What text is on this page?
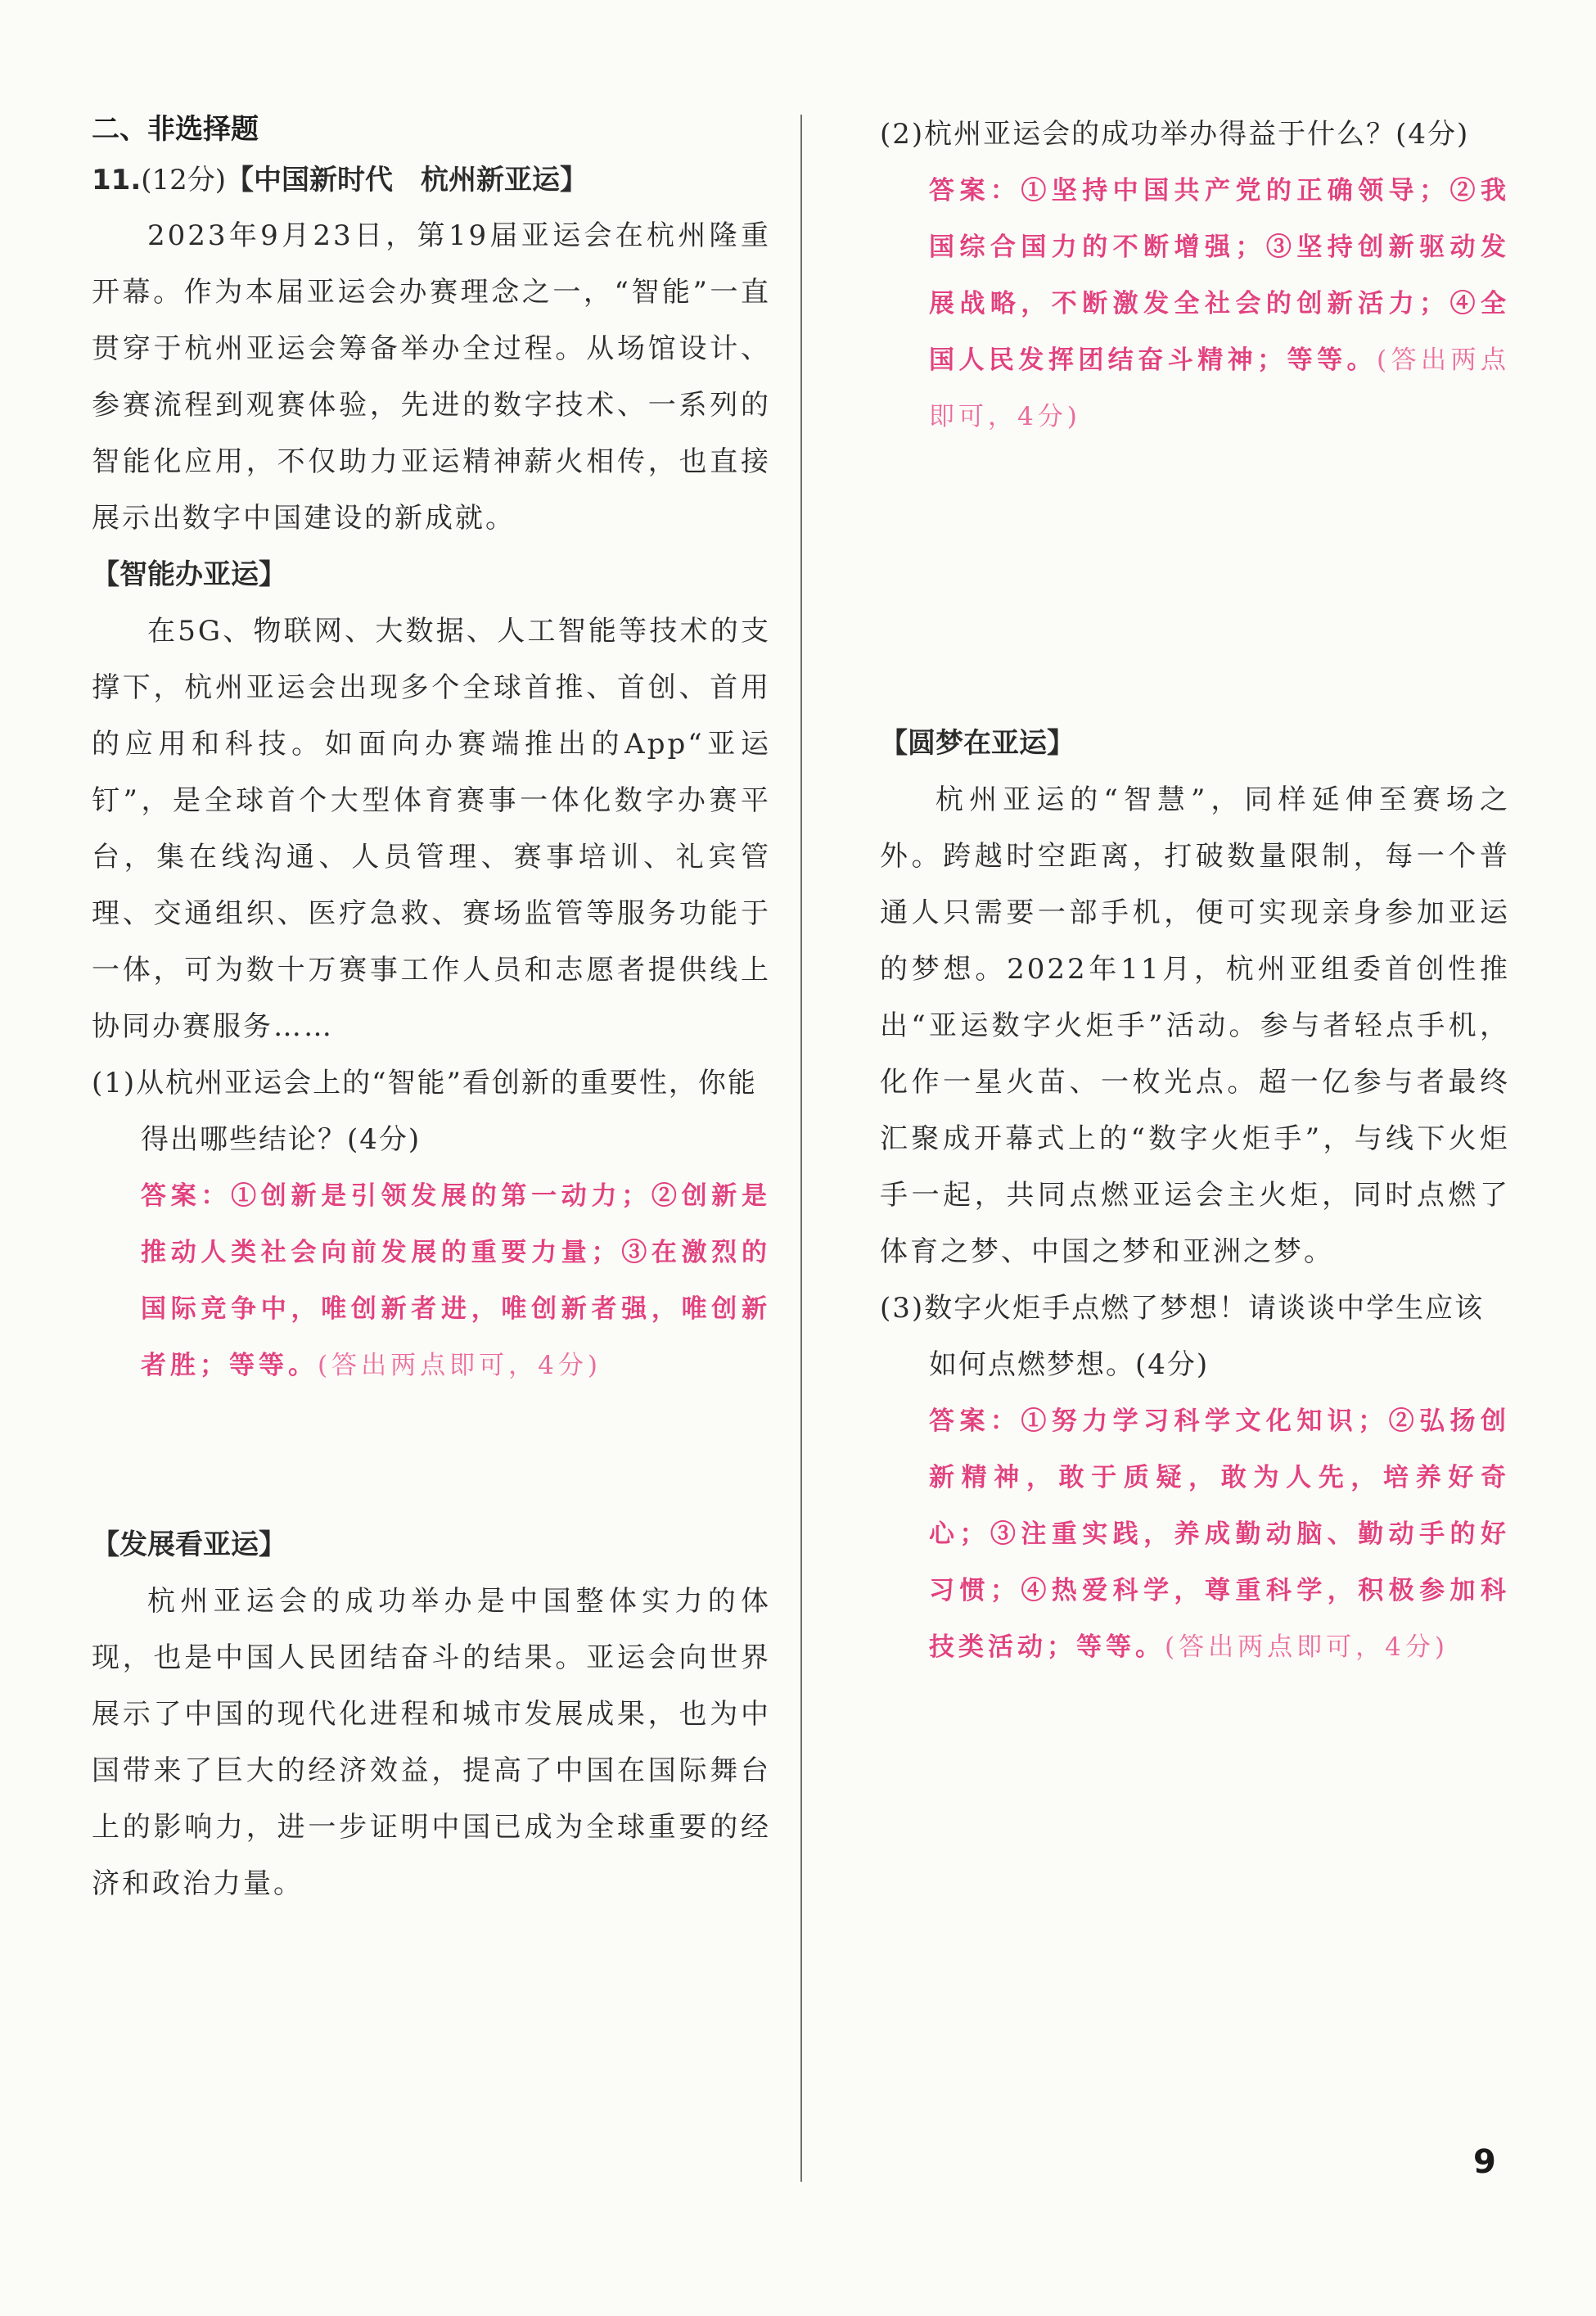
二、非选择题

11.(12分)【中国新时代　杭州新亚运】

2023年9月23日，第19届亚运会在杭州隆重开幕。作为本届亚运会办赛理念之一，“智能”一直贯穿于杭州亚运会筹备举办全过程。从场馆设计、参赛流程到观赛体验，先进的数字技术、一系列的智能化应用，不仅助力亚运精神薪火相传，也直接展示出数字中国建设的新成就。

【智能办亚运】

在5G、物联网、大数据、人工智能等技术的支撑下，杭州亚运会出现多个全球首推、首创、首用的应用和科技。如面向办赛端推出的App“亚运钉”，是全球首个大型体育赛事一体化数字办赛平台，集在线沟通、人员管理、赛事培训、礼宾管理、交通组织、医疗急救、赛场监管等服务功能于一体，可为数十万赛事工作人员和志愿者提供线上协同办赛服务……

(1)从杭州亚运会上的“智能”看创新的重要性，你能得出哪些结论？(4分)

答案：①创新是引领发展的第一动力；②创新是推动人类社会向前发展的重要力量；③在激烈的国际竞争中，唯创新者进，唯创新者强，唯创新者胜；等等。(答出两点即可，4分)

【发展看亚运】

杭州亚运会的成功举办是中国整体实力的体现，也是中国人民团结奋斗的结果。亚运会向世界展示了中国的现代化进程和城市发展成果，也为中国带来了巨大的经济效益，提高了中国在国际舞台上的影响力，进一步证明中国已成为全球重要的经济和政治力量。

(2)杭州亚运会的成功举办得益于什么？(4分)

答案：①坚持中国共产党的正确领导；②我国综合国力的不断增强；③坚持创新驱动发展战略，不断激发全社会的创新活力；④全国人民发挥团结奋斗精神；等等。(答出两点即可，4分)

【圆梦在亚运】

杭州亚运的“智慧”，同样延伸至赛场之外。跨越时空距离，打破数量限制，每一个普通人只需要一部手机，便可实现亲身参加亚运的梦想。2022年11月，杭州亚组委首创性推出“亚运数字火炬手”活动。参与者轻点手机，化作一星火苗、一枚光点。超一亿参与者最终汇聚成开幕式上的“数字火炬手”，与线下火炬手一起，共同点燃亚运会主火炬，同时点燃了体育之梦、中国之梦和亚洲之梦。

(3)数字火炬手点燃了梦想！请谈谈中学生应该如何点燃梦想。(4分)

答案：①努力学习科学文化知识；②弘扬创新精神，敢于质疑，敢为人先，培养好奇心；③注重实践，养成勤动脑、勤动手的好习惯；④热爱科学，尊重科学，积极参加科技类活动；等等。(答出两点即可，4分)

9
